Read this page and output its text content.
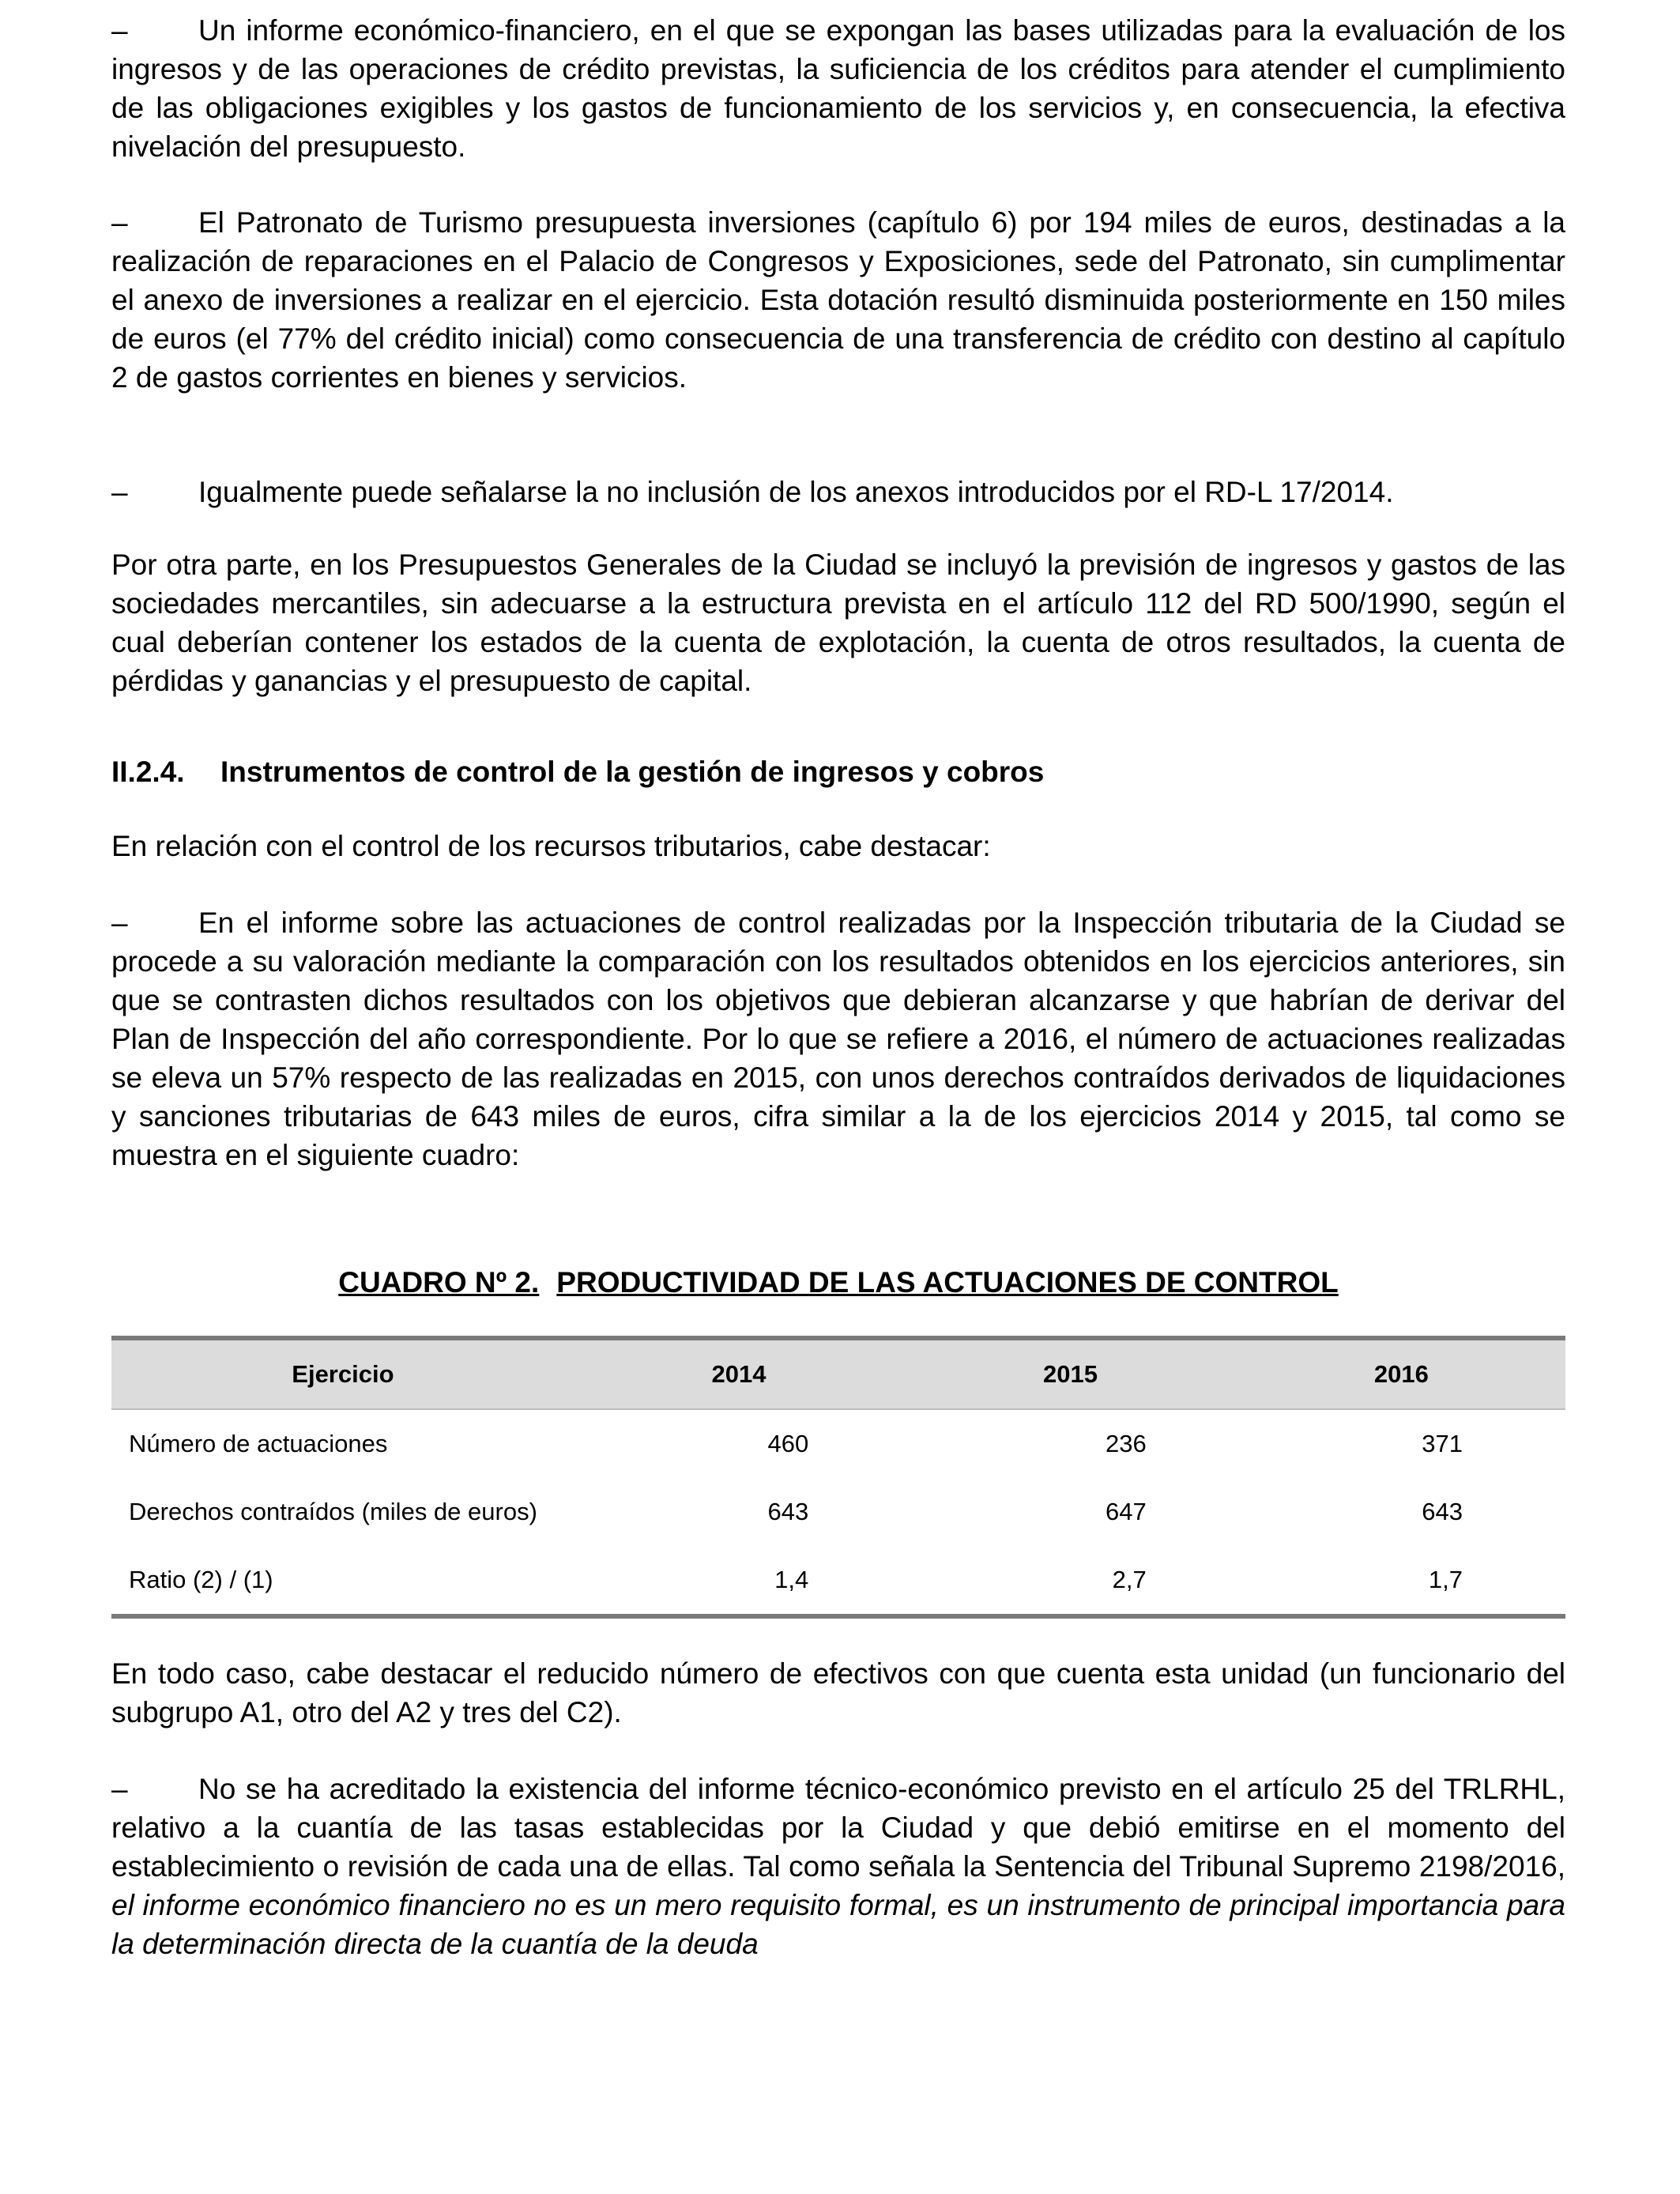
– Un informe económico-financiero, en el que se expongan las bases utilizadas para la evaluación de los ingresos y de las operaciones de crédito previstas, la suficiencia de los créditos para atender el cumplimiento de las obligaciones exigibles y los gastos de funcionamiento de los servicios y, en consecuencia, la efectiva nivelación del presupuesto.

– El Patronato de Turismo presupuesta inversiones (capítulo 6) por 194 miles de euros, destinadas a la realización de reparaciones en el Palacio de Congresos y Exposiciones, sede del Patronato, sin cumplimentar el anexo de inversiones a realizar en el ejercicio. Esta dotación resultó disminuida posteriormente en 150 miles de euros (el 77% del crédito inicial) como consecuencia de una transferencia de crédito con destino al capítulo 2 de gastos corrientes en bienes y servicios.

– Igualmente puede señalarse la no inclusión de los anexos introducidos por el RD-L 17/2014.

Por otra parte, en los Presupuestos Generales de la Ciudad se incluyó la previsión de ingresos y gastos de las sociedades mercantiles, sin adecuarse a la estructura prevista en el artículo 112 del RD 500/1990, según el cual deberían contener los estados de la cuenta de explotación, la cuenta de otros resultados, la cuenta de pérdidas y ganancias y el presupuesto de capital.

II.2.4. Instrumentos de control de la gestión de ingresos y cobros

En relación con el control de los recursos tributarios, cabe destacar:

– En el informe sobre las actuaciones de control realizadas por la Inspección tributaria de la Ciudad se procede a su valoración mediante la comparación con los resultados obtenidos en los ejercicios anteriores, sin que se contrasten dichos resultados con los objetivos que debieran alcanzarse y que habrían de derivar del Plan de Inspección del año correspondiente. Por lo que se refiere a 2016, el número de actuaciones realizadas se eleva un 57% respecto de las realizadas en 2015, con unos derechos contraídos derivados de liquidaciones y sanciones tributarias de 643 miles de euros, cifra similar a la de los ejercicios 2014 y 2015, tal como se muestra en el siguiente cuadro:

CUADRO Nº 2. PRODUCTIVIDAD DE LAS ACTUACIONES DE CONTROL

Ejercicio	2014	2015	2016
Número de actuaciones	460	236	371
Derechos contraídos (miles de euros)	643	647	643
Ratio (2) / (1)	1,4	2,7	1,7

En todo caso, cabe destacar el reducido número de efectivos con que cuenta esta unidad (un funcionario del subgrupo A1, otro del A2 y tres del C2).

– No se ha acreditado la existencia del informe técnico-económico previsto en el artículo 25 del TRLRHL, relativo a la cuantía de las tasas establecidas por la Ciudad y que debió emitirse en el momento del establecimiento o revisión de cada una de ellas. Tal como señala la Sentencia del Tribunal Supremo 2198/2016, el informe económico financiero no es un mero requisito formal, es un instrumento de principal importancia para la determinación directa de la cuantía de la deuda
